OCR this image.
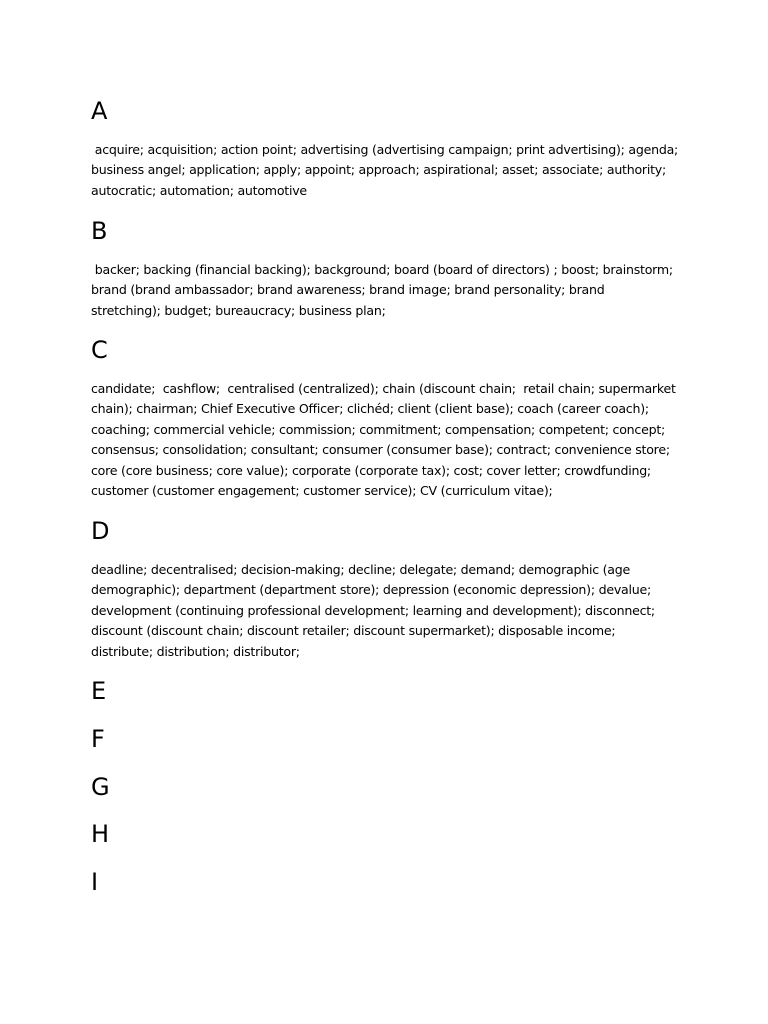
A
acquire; acquisition; action point; advertising (advertising campaign; print advertising); agenda;
business angel; application; apply; appoint; approach; aspirational; asset; associate; authority;
autocratic; automation; automotive
B
backer; backing (financial backing); background; board (board of directors) ; boost; brainstorm;
brand (brand ambassador; brand awareness; brand image; brand personality; brand
stretching); budget; bureaucracy; business plan;
C
candidate;  cashflow;  centralised (centralized); chain (discount chain;  retail chain; supermarket
chain); chairman; Chief Executive Officer; clichéd; client (client base); coach (career coach);
coaching; commercial vehicle; commission; commitment; compensation; competent; concept;
consensus; consolidation; consultant; consumer (consumer base); contract; convenience store;
core (core business; core value); corporate (corporate tax); cost; cover letter; crowdfunding;
customer (customer engagement; customer service); CV (curriculum vitae);
D
deadline; decentralised; decision-making; decline; delegate; demand; demographic (age
demographic); department (department store); depression (economic depression); devalue;
development (continuing professional development; learning and development); disconnect;
discount (discount chain; discount retailer; discount supermarket); disposable income;
distribute; distribution; distributor;
E
F
G
H
I
